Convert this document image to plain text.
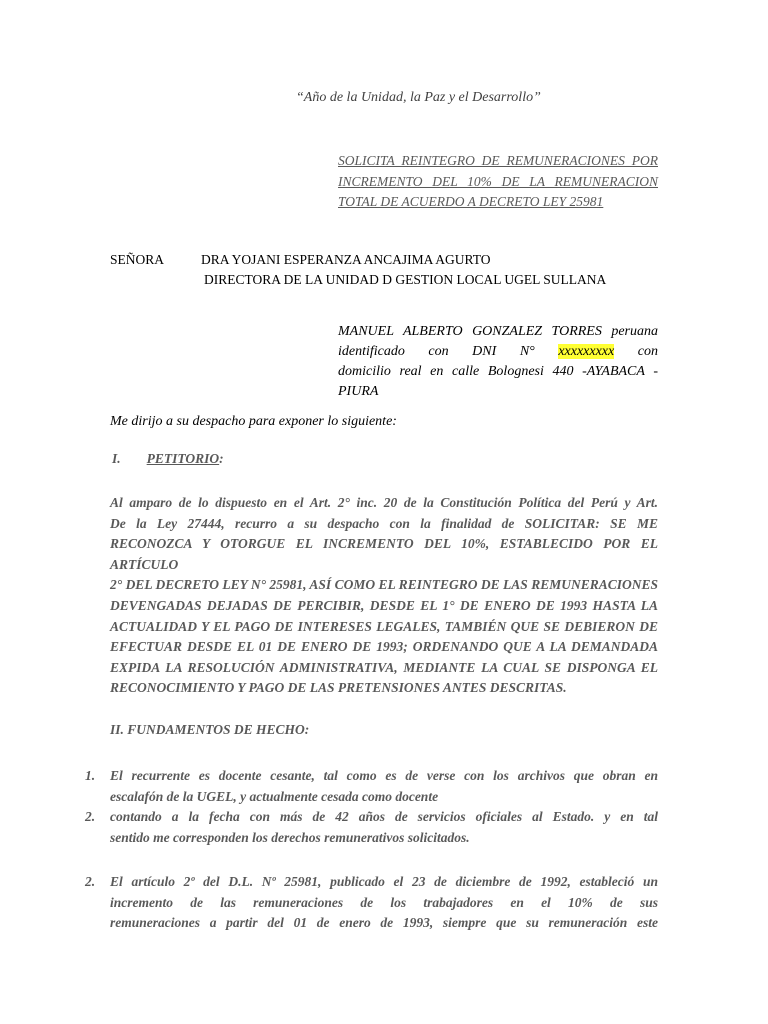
“Año de la Unidad, la Paz y el Desarrollo”
SOLICITA REINTEGRO DE REMUNERACIONES POR
INCREMENTO DEL 10% DE LA REMUNERACION
TOTAL DE ACUERDO A DECRETO LEY 25981
SEÑORA	DRA YOJANI ESPERANZA ANCAJIMA AGURTO
DIRECTORA DE LA UNIDAD D GESTION LOCAL UGEL SULLANA
MANUEL ALBERTO GONZALEZ TORRES peruana
identificado con DNI N° xxxxxxxxx con
domicilio real en calle Bolognesi 440 -AYABACA -
PIURA
Me dirijo a su despacho para exponer lo siguiente:
I. PETITORIO:
Al amparo de lo dispuesto en el Art. 2° inc. 20 de la Constitución Política del Perú y Art.
De la Ley 27444, recurro a su despacho con la finalidad de SOLICITAR: SE ME
RECONOZCA Y OTORGUE EL INCREMENTO DEL 10%, ESTABLECIDO POR EL ARTÍCULO
2° DEL DECRETO LEY N° 25981, ASÍ COMO EL REINTEGRO DE LAS REMUNERACIONES
DEVENGADAS DEJADAS DE PERCIBIR, DESDE EL 1° DE ENERO DE 1993 HASTA LA
ACTUALIDAD Y EL PAGO DE INTERESES LEGALES, TAMBIÉN QUE SE DEBIERON DE
EFECTUAR DESDE EL 01 DE ENERO DE 1993; ORDENANDO QUE A LA DEMANDADA
EXPIDA LA RESOLUCIÓN ADMINISTRATIVA, MEDIANTE LA CUAL SE DISPONGA EL
RECONOCIMIENTO Y PAGO DE LAS PRETENSIONES ANTES DESCRITAS.
II. FUNDAMENTOS DE HECHO:
1.	El recurrente es docente cesante, tal como es de verse con los archivos que obran en
escalafón de la UGEL, y actualmente cesada como docente
2.	contando a la fecha con más de 42 años de servicios oficiales al Estado. y en tal
sentido me corresponden los derechos remunerativos solicitados.
2.	El artículo 2º del D.L. Nº 25981, publicado el 23 de diciembre de 1992, estableció un
incremento de las remuneraciones de los trabajadores en el 10% de sus
remuneraciones a partir del 01 de enero de 1993, siempre que su remuneración este
